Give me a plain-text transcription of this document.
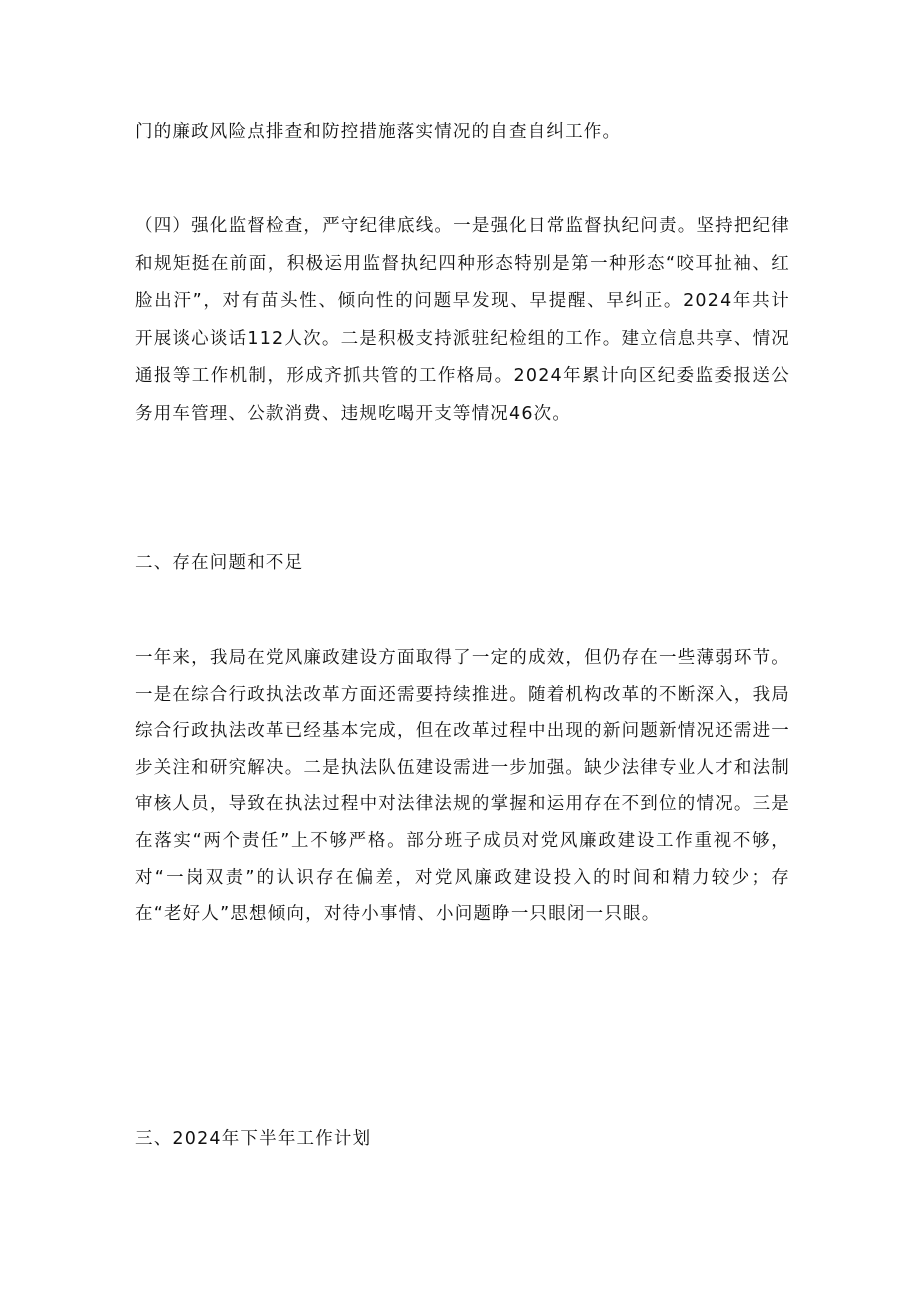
门的廉政风险点排查和防控措施落实情况的自查自纠工作。

（四）强化监督检查，严守纪律底线。一是强化日常监督执纪问责。坚持把纪律和规矩挺在前面，积极运用监督执纪四种形态特别是第一种形态“咬耳扯袖、红脸出汗”，对有苗头性、倾向性的问题早发现、早提醒、早纠正。2024年共计开展谈心谈话112人次。二是积极支持派驻纪检组的工作。建立信息共享、情况通报等工作机制，形成齐抓共管的工作格局。2024年累计向区纪委监委报送公务用车管理、公款消费、违规吃喝开支等情况46次。

二、存在问题和不足

一年来，我局在党风廉政建设方面取得了一定的成效，但仍存在一些薄弱环节。一是在综合行政执法改革方面还需要持续推进。随着机构改革的不断深入，我局综合行政执法改革已经基本完成，但在改革过程中出现的新问题新情况还需进一步关注和研究解决。二是执法队伍建设需进一步加强。缺少法律专业人才和法制审核人员，导致在执法过程中对法律法规的掌握和运用存在不到位的情况。三是在落实“两个责任”上不够严格。部分班子成员对党风廉政建设工作重视不够，对“一岗双责”的认识存在偏差，对党风廉政建设投入的时间和精力较少；存在“老好人”思想倾向，对待小事情、小问题睁一只眼闭一只眼。

三、2024年下半年工作计划
